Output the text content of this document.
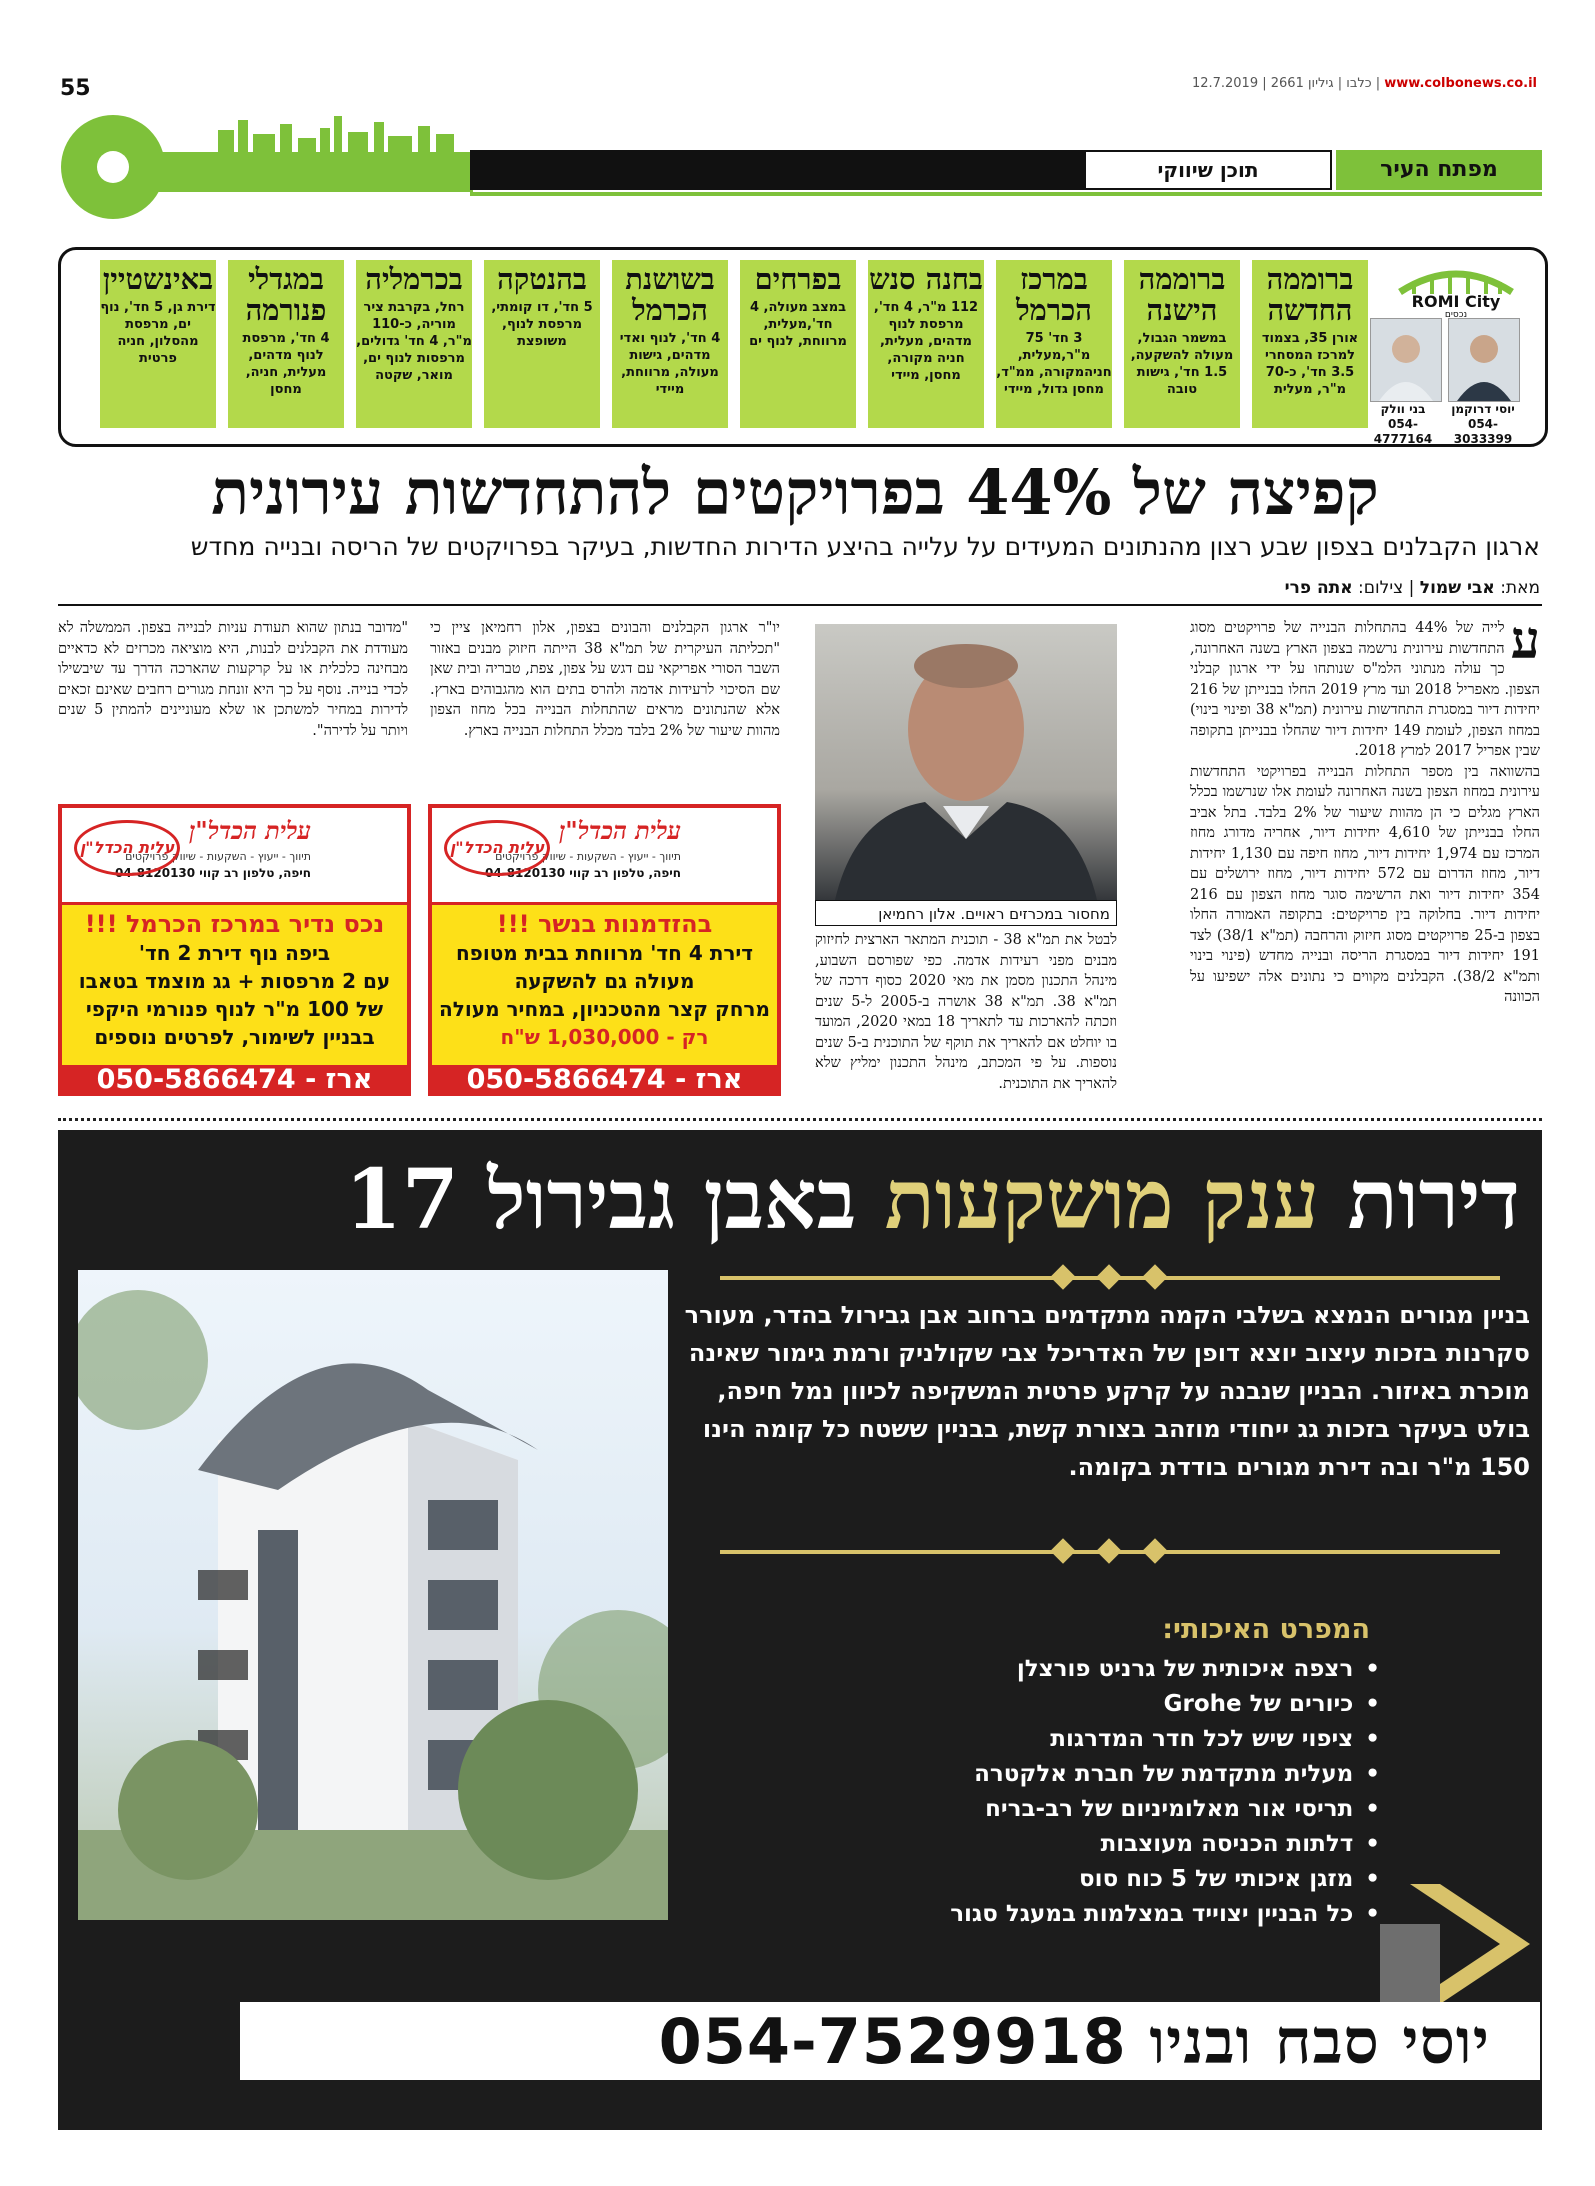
55	www.colbonews.co.il | כלבו | גיליון 2661 | 12.7.2019
תוכן שיווקי	מפתח העיר
ברוממה החדשה
אורן 35, בצמוד למרכז המסחרי 3.5 חד', כ-70 מ"ר, מעלית
ברוממה הישנה
במשמר הגבול, מעולה להשקעה, 1.5 חד', גישות טובה
במרכז הכרמל
3 חד' 75 מ"ר,מעלית, חניהמקורה, ממ"ד, מחסן גדול, מיידי
בחנה סנש
112 מ"ר, 4 חד', מרפסת לנוף מדהים, מעלית, חניה מקורה, מחסן, מיידי
בפרחים
במצב מעולה, 4 חד',מעלית, מרווחת, לנוף ים
בשושנת הכרמל
4 חד', לנוף ואדי מדהים, גישות מעולה, מרווחת, מיידי
בהנטקה
5 חד', דו קומתי, מרפסת לנוף, משופצת
בכרמליה
רחל, בקרבת ציר מוריה, כ-110 מ"ר, 4 חד' גדולים, מרפסות לנוף ים, מואר, שקטה
במגדלי פנורמה
4 חד', מרפסת לנוף מדהים, מעלית, חניה, מחסן
באינשטיין
דירת גן, 5 חד', נוף ים, מרפסת מהסלון, חניה פרטית
ROMI City
נכסים
יוסי דרוקמן
054-3033399
בני וולק
054-4777164
קפיצה של 44% בפרויקטים להתחדשות עירונית
ארגון הקבלנים בצפון שבע רצון מהנתונים המעידים על עלייה בהיצע הדירות החדשות, בעיקר בפרויקטים של הריסה ובנייה מחדש
מאת: אבי שמול | צילום: אתה פרי
ע
לייה של 44% בהתחלות הבנייה של פרויקטים מסוג התחדשות עירונית נרשמה בצפון הארץ בשנה האחרונה, כך עולה מנתוני הלמ"ס שנותחו על ידי ארגון קבלני הצפון. מאפריל 2018 ועד מרץ 2019 החלו בבנייתן של 216 יחידות דיור במסגרת התחדשות עירונית (תמ"א 38 ופינוי בינוי) במחוז הצפון, לעומת 149 יחידות דיור שהחלו בבנייתן בתקופה שבין אפריל 2017 למרץ 2018.
בהשוואה בין מספר התחלות הבנייה בפרויקטי התחדשות עירונית במחוז הצפון בשנה האחרונה לעומת אלו שנרשמו בכלל הארץ מגלים כי הן מהוות שיעור של 2% בלבד. בתל אביב החלו בבנייתן של 4,610 יחידות דיור, אחריה מדורג מחוז המרכז עם 1,974 יחידות דיור, מחוז חיפה עם 1,130 יחידות דיור, מחוז הדרום עם 572 יחידות דיור, מחוז ירושלים עם 354 יחידות דיור ואת הרשימה סוגר מחוז הצפון עם 216 יחידות דיור. בחלוקה בין פרויקטים: בתקופה האמורה החלו בצפון ב-25 פרויקטים מסוג חיזוק והרחבה (תמ"א 38/1) לצד 191 יחידות דיור במסגרת הריסה ובנייה מחדש (פינוי בינוי ותמ"א 38/2). הקבלנים מקווים כי נתונים אלה ישפיעו על הכוונה
מחסור במכרזים ראויים. אלון רחמיאן
לבטל את תמ"א 38 - תוכנית המתאר הארצית לחיזוק מבנים מפני רעידות אדמה. כפי שפורסם השבוע, מינהל התכנון מסמן את מאי 2020 כסוף דרכה של תמ"א 38. תמ"א 38 אושרה ב-2005 ל-5 שנים וזכתה להארכות עד לתאריך 18 במאי 2020, המועד בו יוחלט אם להאריך את תוקף של התוכנית ב-5 שנים נוספות. על פי המכתב, מינהל התכנון ימליץ שלא להאריך את התוכנית.
יו"ר ארגון הקבלנים והבונים בצפון, אלון רחמיאן ציין כי "תכליתה העיקרית של תמ"א 38 הייתה חיזוק מבנים באזור השבר הסורי אפריקאי עם דגש על צפון, צפת, טבריה ובית שאן שם הסיכוי לרעידות אדמה ולהרס בתים הוא מהגבוהים בארץ. אלא שהנתונים מראים שהתחלות הבנייה בכל מחוז הצפון מהוות שיעור של 2% בלבד מכלל התחלות הבנייה בארץ.
"מדובר בנתון שהוא תעודת עניות לבנייה בצפון. הממשלה לא מעודדת את הקבלנים לבנות, היא מוציאה מכרזים לא כדאיים מבחינה כלכלית או על קרקעות שהארכה הדרך עד שיבשילו לכדי בנייה. נוסף על כך היא זונחת מגורים רחבים שאינם זכאים לדירות במחיר למשתכן או שלא מעוניינים להמתין 5 שנים ויותר על לדירה".
עלית הכדל"ן
תיווך - ייעוץ - השקעות - שיווק פרויקטים
חיפה, טלפון רב קווי 04-8120130
עלית הכדל"ן
בהזדמנות בנשר !!!
דירת 4 חד' מרווחת בבית מטופח
מעולה גם להשקעה
מרחק קצר מהטכניון, במחיר מעולה
רק - 1,030,000 ש"ח
050-5866474 - ארז
עלית הכדל"ן
תיווך - ייעוץ - השקעות - שיווק פרויקטים
חיפה, טלפון רב קווי 04-8120130
עלית הכדל"ן
נכס נדיר במרכז הכרמל !!!
ביפה נוף דירת 2 חד'
עם 2 מרפסות + גג מוצמד בטאבו
של 100 מ"ר לנוף פנורמי היקפי
בבניין לשימור, לפרטים נוספים
050-5866474 - ארז
דירות ענק מושקעות באבן גבירול 17
בניין מגורים הנמצא בשלבי הקמה מתקדמים ברחוב אבן גבירול בהדר, מעורר סקרנות בזכות עיצוב יוצא דופן של האדריכל צבי שקולניק ורמת גימור שאינה מוכרת באיזור. הבניין שנבנה על קרקע פרטית המשקיפה לכיוון נמל חיפה, בולט בעיקר בזכות גג ייחודי מוזהב בצורת קשת, בבניין ששטח כל קומה הינו 150 מ"ר ובה דירת מגורים בודדת בקומה.
המפרט האיכותי:
• רצפה איכותית של גרניט פורצלן
• כיורים של Grohe
• ציפוי שיש לכל חדר המדרגות
• מעלית מתקדמת של חברת אלקטרה
• תריסי אור מאלומיניום של רב-בריח
• דלתות הכניסה מעוצבות
• מזגן איכותי של 5 כוח סוס
• כל הבניין יצוייד במצלמות במעגל סגור
יוסי סבח ובניו 054-7529918
